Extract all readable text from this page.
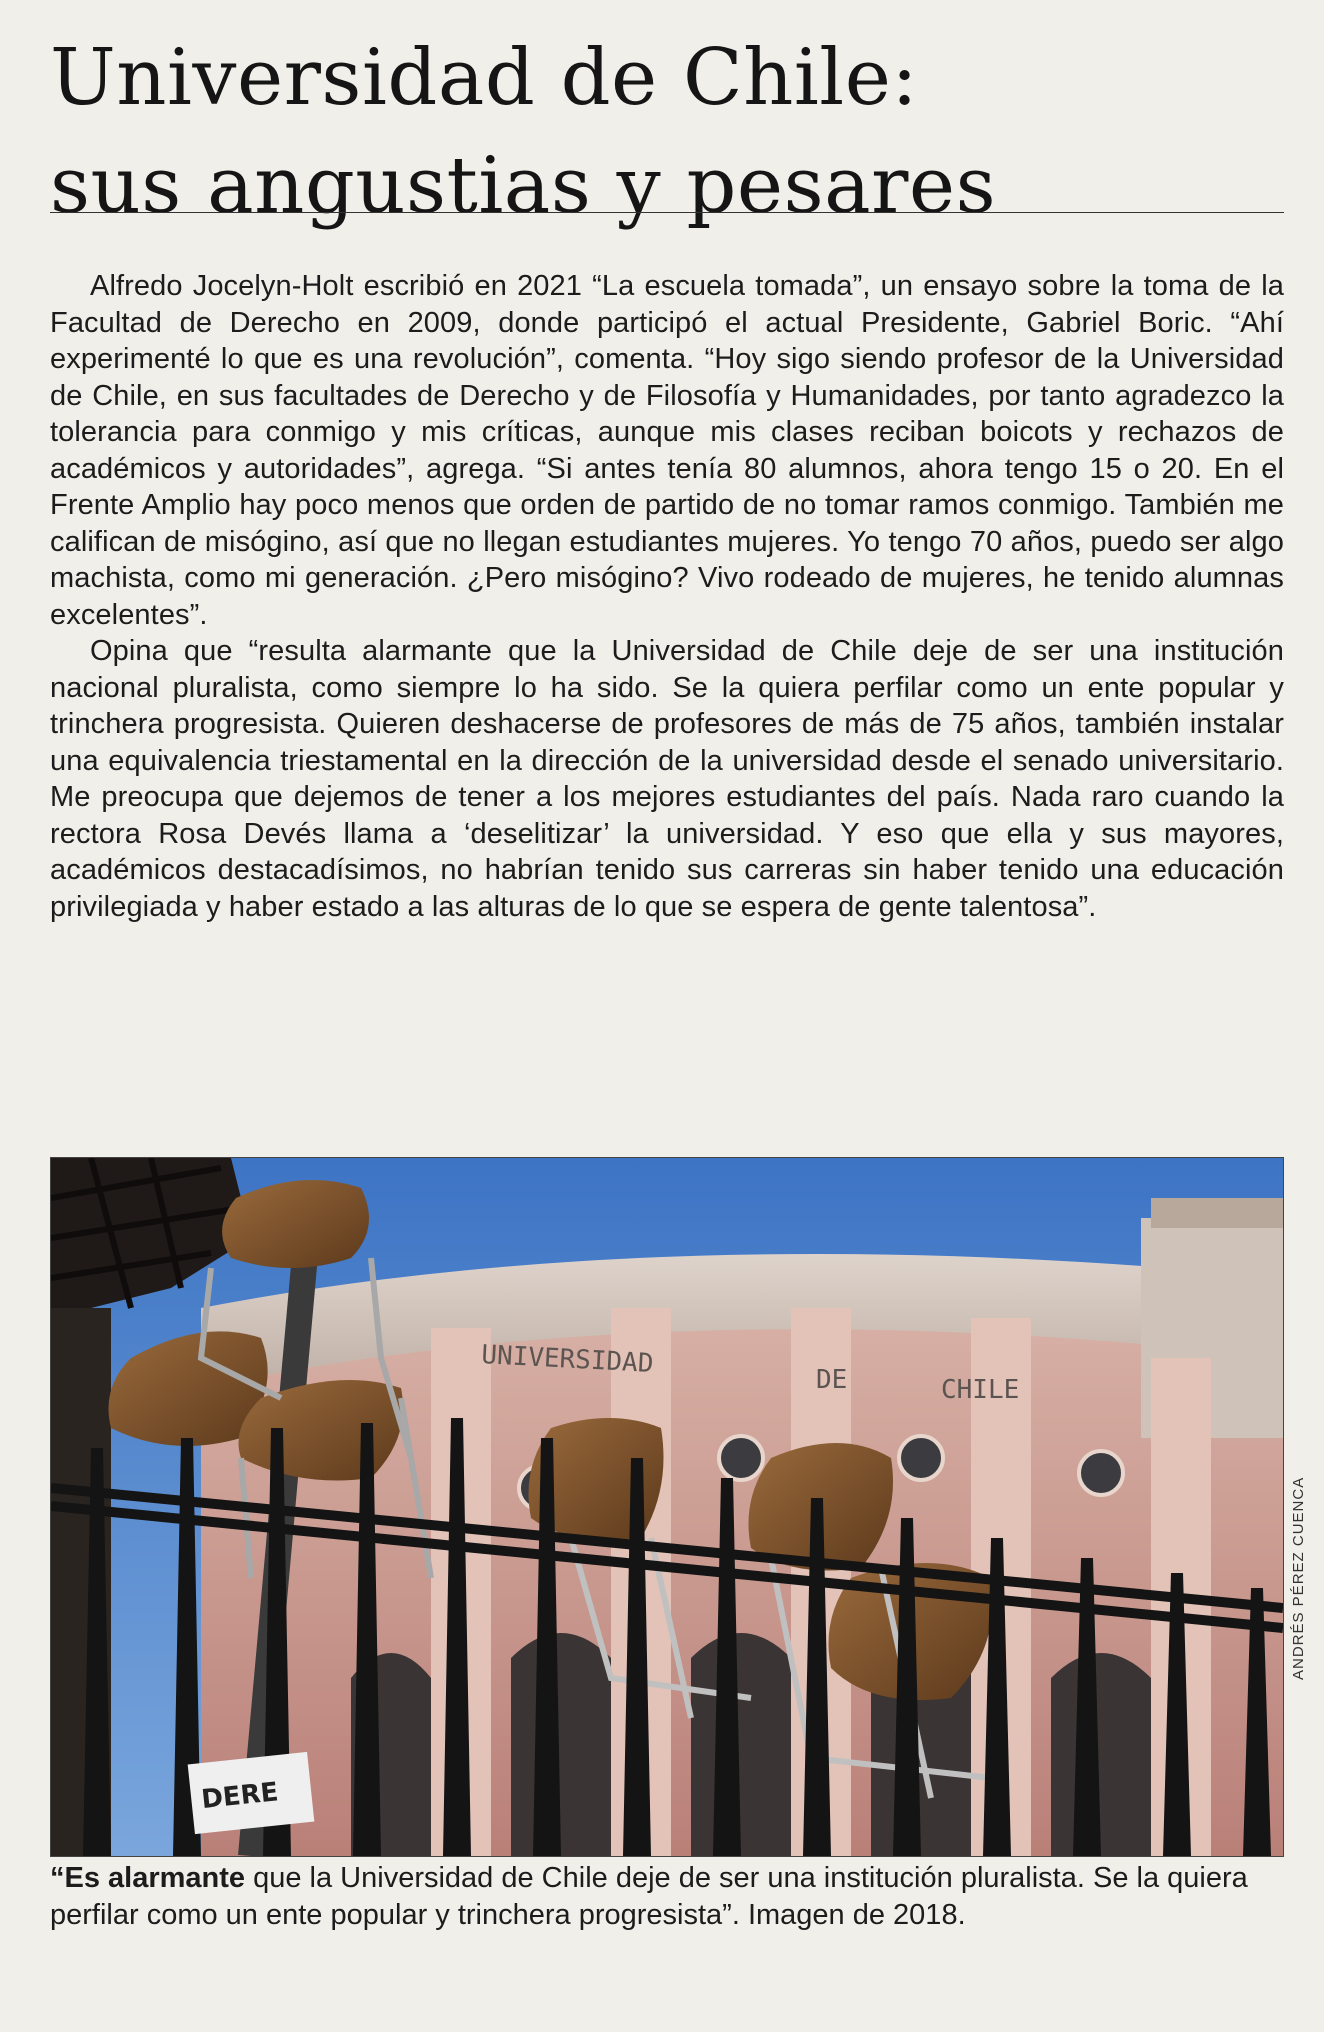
Universidad de Chile:
sus angustias y pesares

Alfredo Jocelyn-Holt escribió en 2021 “La escuela tomada”, un ensayo sobre la toma de la Facultad de Derecho en 2009, donde participó el actual Presidente, Gabriel Boric. “Ahí experimenté lo que es una revolución”, comenta. “Hoy sigo siendo profesor de la Universidad de Chile, en sus facultades de Derecho y de Filosofía y Humanidades, por tanto agradezco la tolerancia para conmigo y mis críticas, aunque mis clases reciban boicots y rechazos de académicos y autoridades”, agrega. “Si antes tenía 80 alumnos, ahora tengo 15 o 20. En el Frente Amplio hay poco menos que orden de partido de no tomar ramos conmigo. También me califican de misógino, así que no llegan estudiantes mujeres. Yo tengo 70 años, puedo ser algo machista, como mi generación. ¿Pero misógino? Vivo rodeado de mujeres, he tenido alumnas excelentes”.

Opina que “resulta alarmante que la Universidad de Chile deje de ser una institución nacional pluralista, como siempre lo ha sido. Se la quiera perfilar como un ente popular y trinchera progresista. Quieren deshacerse de profesores de más de 75 años, también instalar una equivalencia triestamental en la dirección de la universidad desde el senado universitario. Me preocupa que dejemos de tener a los mejores estudiantes del país. Nada raro cuando la rectora Rosa Devés llama a ‘deselitizar’ la universidad. Y eso que ella y sus mayores, académicos destacadísimos, no habrían tenido sus carreras sin haber tenido una educación privilegiada y haber estado a las alturas de lo que se espera de gente talentosa”.

UNIVERSIDAD
DE	CHILE
DERE
ANDRÉS PÉREZ CUENCA

“Es alarmante que la Universidad de Chile deje de ser una institución pluralista. Se la quiera perfilar como un ente popular y trinchera progresista”. Imagen de 2018.
